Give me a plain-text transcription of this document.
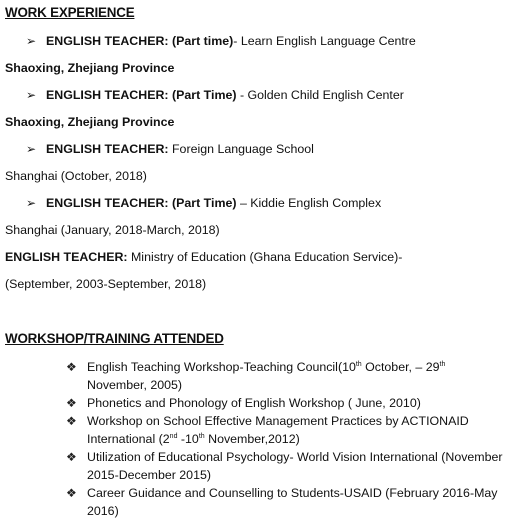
WORK EXPERIENCE
➢ ENGLISH TEACHER: (Part time)- Learn English Language Centre
Shaoxing, Zhejiang Province
➢ ENGLISH TEACHER: (Part Time) - Golden Child English Center
Shaoxing, Zhejiang Province
➢ ENGLISH TEACHER: Foreign Language School
Shanghai (October, 2018)
➢ ENGLISH TEACHER: (Part Time) – Kiddie English Complex
Shanghai (January, 2018-March, 2018)
ENGLISH TEACHER: Ministry of Education (Ghana Education Service)-
(September, 2003-September, 2018)
WORKSHOP/TRAINING ATTENDED
❖ English Teaching Workshop-Teaching Council(10th October, – 29th November, 2005)
❖ Phonetics and Phonology of English Workshop ( June, 2010)
❖ Workshop on School Effective Management Practices by ACTIONAID International (2nd -10th November,2012)
❖ Utilization of Educational Psychology- World Vision International (November 2015-December 2015)
❖ Career Guidance and Counselling to Students-USAID (February 2016-May 2016)
